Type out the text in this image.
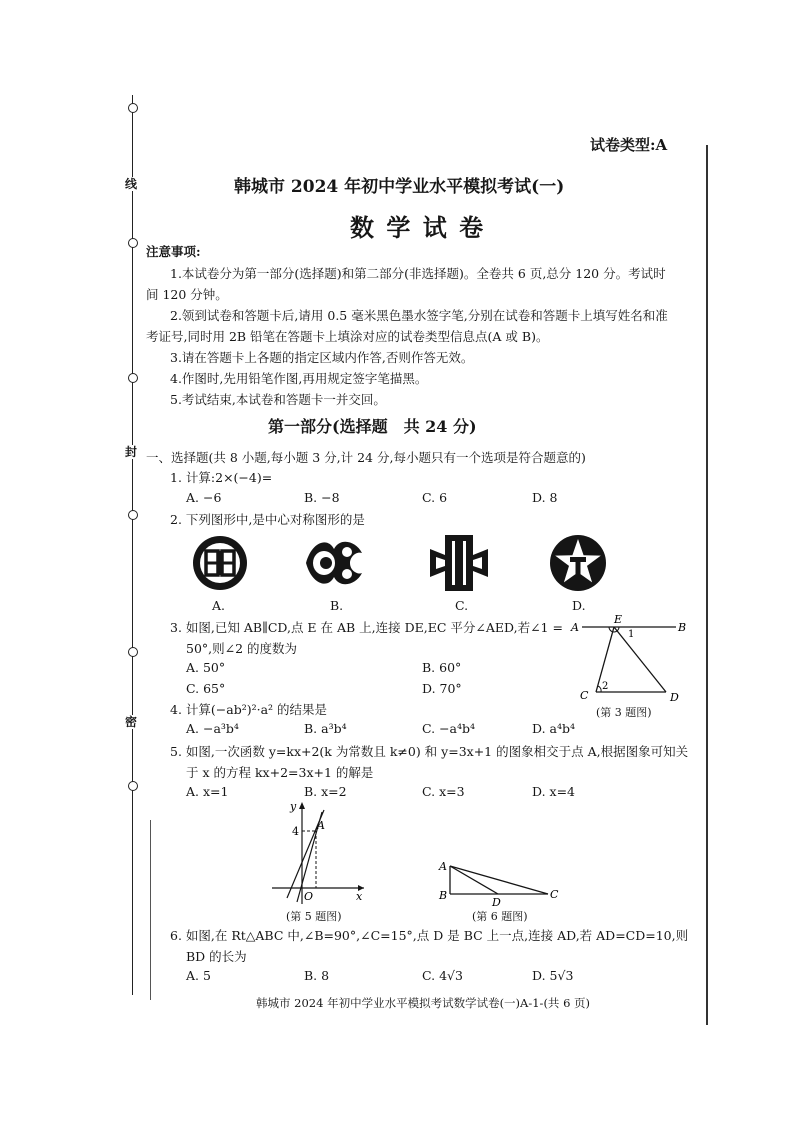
线
封
密
试卷类型:A
韩城市 2024 年初中学业水平模拟考试(一)
数 学 试 卷
注意事项:
1.本试卷分为第一部分(选择题)和第二部分(非选择题)。全卷共 6 页,总分 120 分。考试时
间 120 分钟。
2.领到试卷和答题卡后,请用 0.5 毫米黑色墨水签字笔,分别在试卷和答题卡上填写姓名和准
考证号,同时用 2B 铅笔在答题卡上填涂对应的试卷类型信息点(A 或 B)。
3.请在答题卡上各题的指定区域内作答,否则作答无效。
4.作图时,先用铅笔作图,再用规定签字笔描黑。
5.考试结束,本试卷和答题卡一并交回。
第一部分(选择题　共 24 分)
一、选择题(共 8 小题,每小题 3 分,计 24 分,每小题只有一个选项是符合题意的)
1. 计算:2×(−4)=
A. −6	B. −8	C. 6	D. 8
2. 下列图形中,是中心对称图形的是
A.	B.	C.	D.
3. 如图,已知 AB∥CD,点 E 在 AB 上,连接 DE,EC 平分∠AED,若∠1 =
50°,则∠2 的度数为
A. 50°	B. 60°
C. 65°	D. 70°
A
E
1
B
C
2
D
(第 3 题图)
4. 计算(−ab²)²·a² 的结果是
A. −a³b⁴	B. a³b⁴	C. −a⁴b⁴	D. a⁴b⁴
5. 如图,一次函数 y=kx+2(k 为常数且 k≠0) 和 y=3x+1 的图象相交于点 A,根据图象可知关
于 x 的方程 kx+2=3x+1 的解是
A. x=1	B. x=2	C. x=3	D. x=4
y
4 A
O	x
(第 5 题图)
A
B
D
C
(第 6 题图)
6. 如图,在 Rt△ABC 中,∠B=90°,∠C=15°,点 D 是 BC 上一点,连接 AD,若 AD=CD=10,则
BD 的长为
A. 5	B. 8	C. 4√3	D. 5√3
韩城市 2024 年初中学业水平模拟考试数学试卷(一)A-1-(共 6 页)
